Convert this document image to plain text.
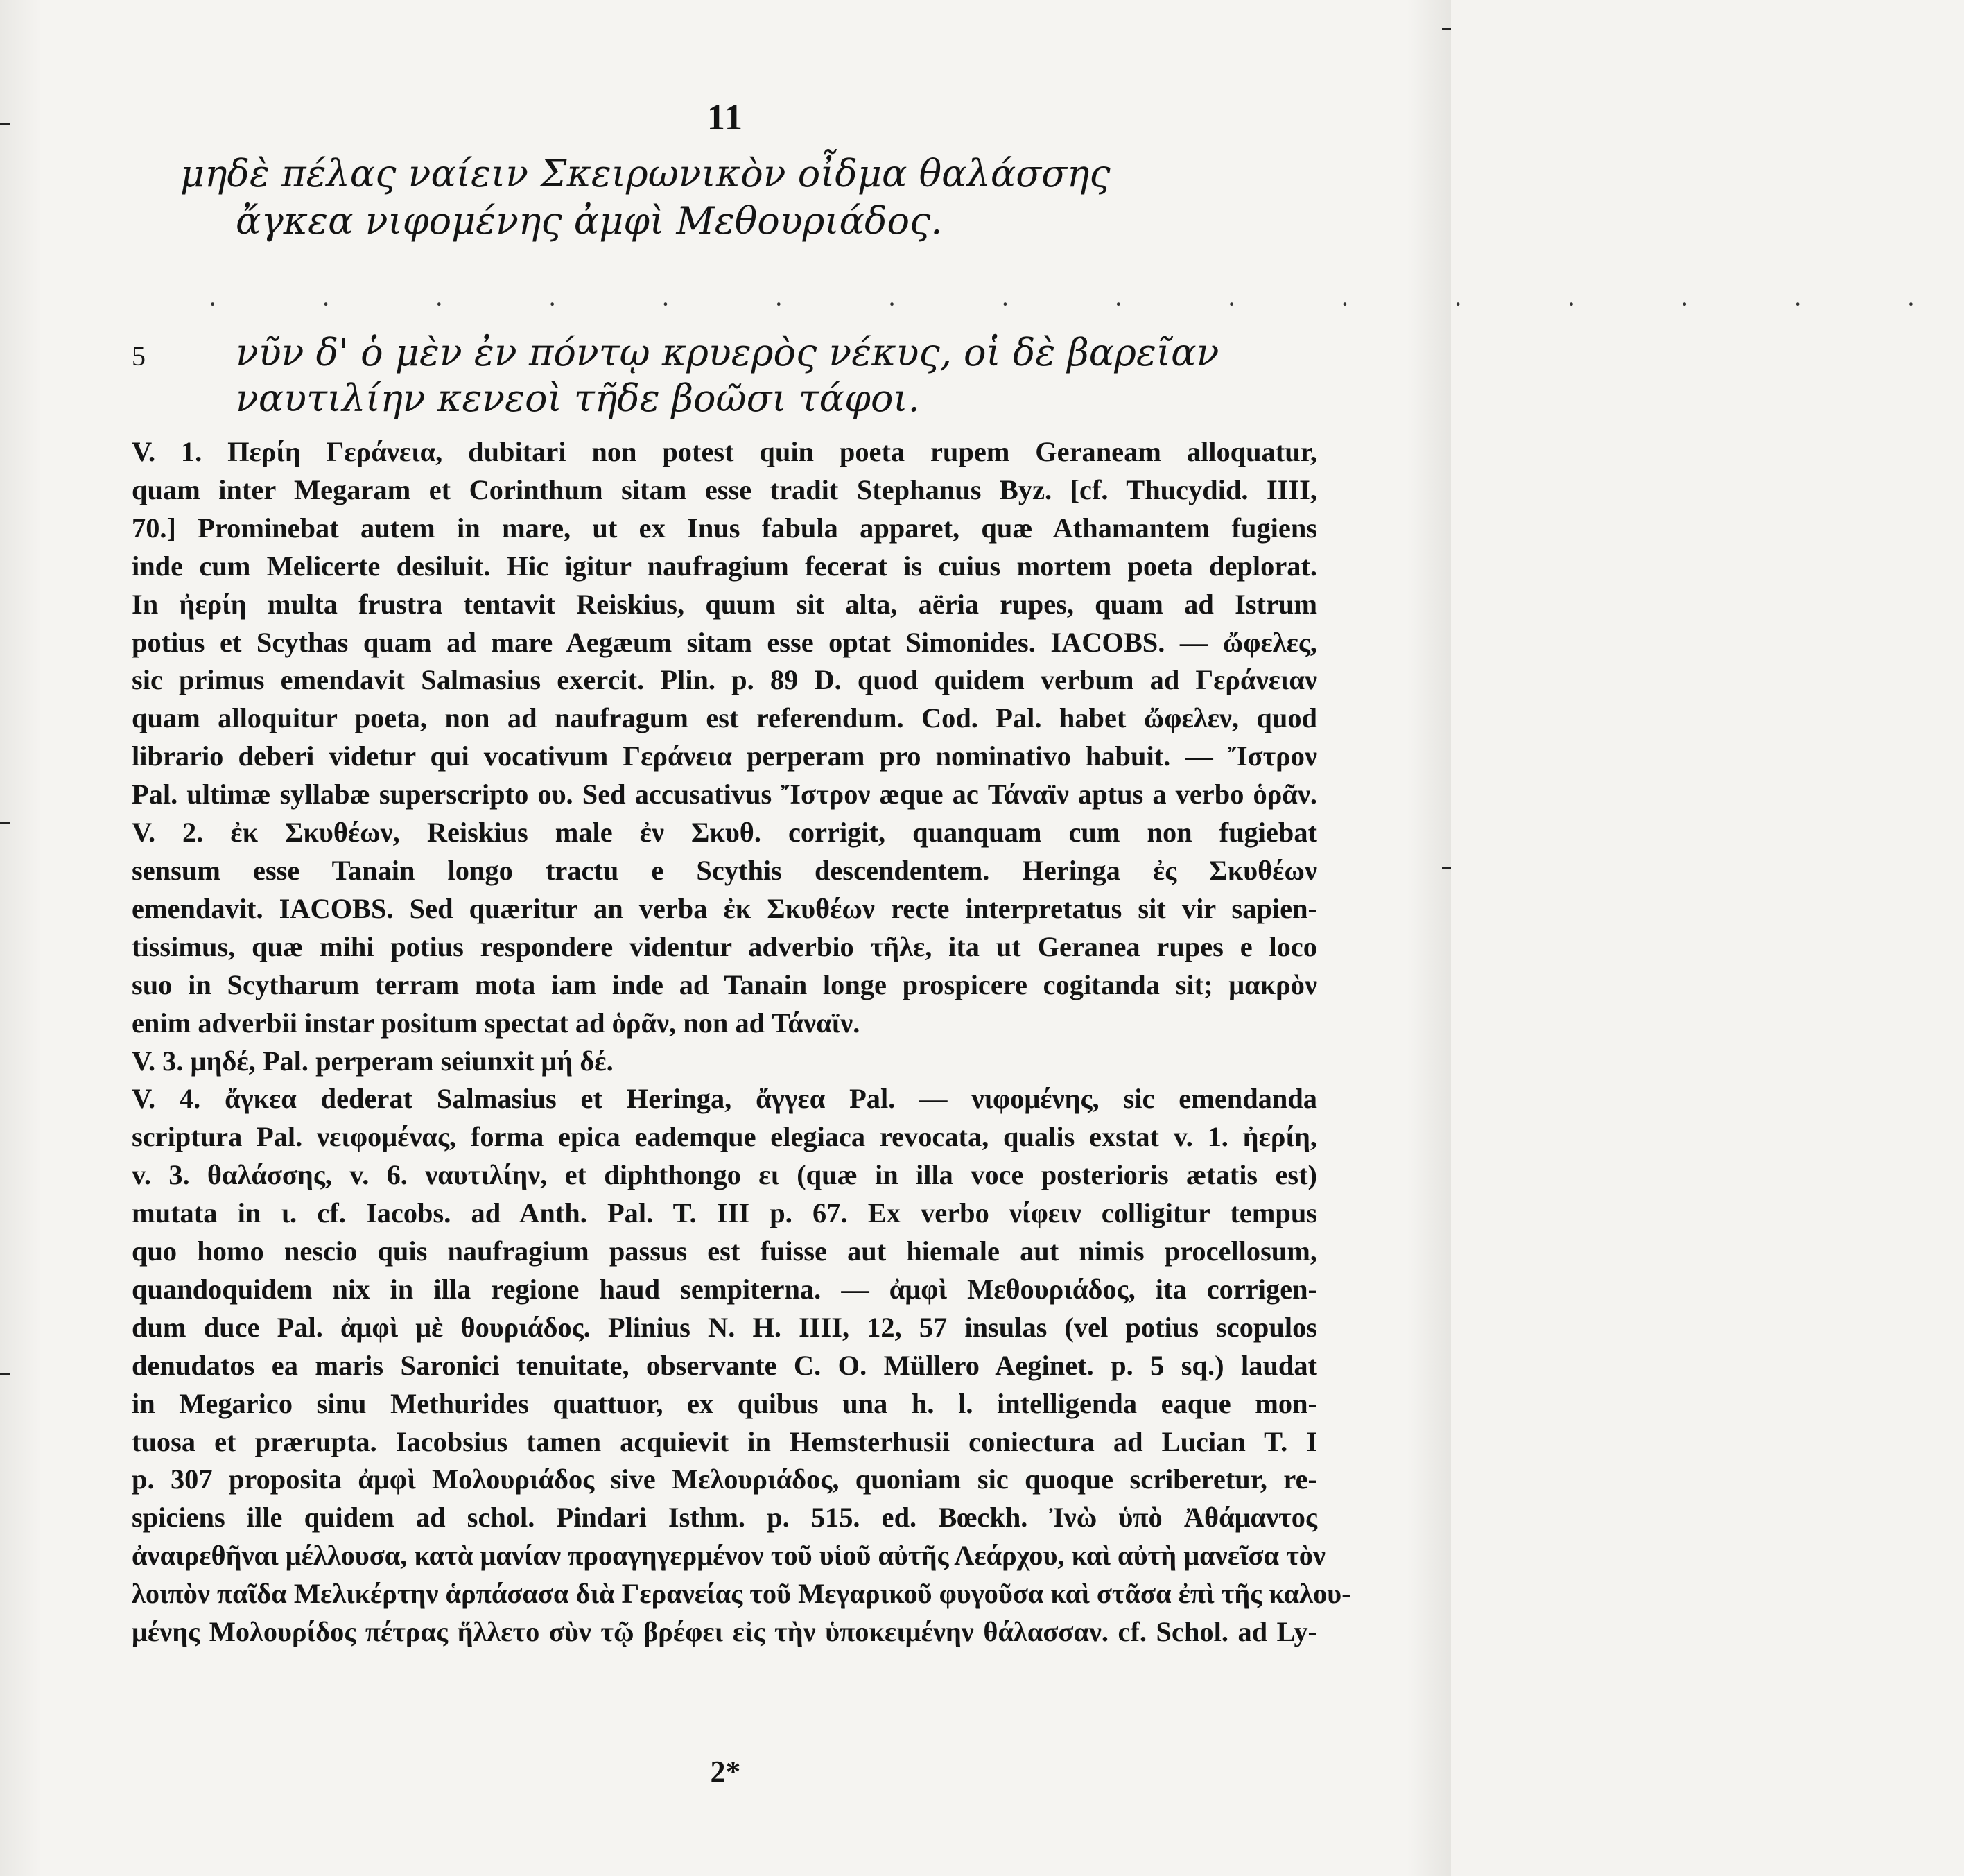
11
μηδὲ πέλας ναίειν Σκειρωνικὸν οἶδμα θαλάσσης
ἄγκεα νιφομένης ἀμφὶ Μεθουριάδος.
· · · · · · · · · · · · · · · ·
5 νῦν δ' ὁ μὲν ἐν πόντῳ κρυερὸς νέκυς, οἱ δὲ βαρεῖαν
ναυτιλίην κενεοὶ τῆδε βοῶσι τάφοι.

V. 1. Περίη Γεράνεια, dubitari non potest quin poeta rupem Geraneam alloquatur,

quam inter Megaram et Corinthum sitam esse tradit Stephanus Byz. [cf. Thucydid. IIII,

70.] Prominebat autem in mare, ut ex Inus fabula apparet, quæ Athamantem fugiens

inde cum Melicerte desiluit. Hic igitur naufragium fecerat is cuius mortem poeta deplorat.

In ἠερίη multa frustra tentavit Reiskius, quum sit alta, aëria rupes, quam ad Istrum

potius et Scythas quam ad mare Aegæum sitam esse optat Simonides. IACOBS. — ὤφελες,

sic primus emendavit Salmasius exercit. Plin. p. 89 D. quod quidem verbum ad Γεράνειαν

quam alloquitur poeta, non ad naufragum est referendum. Cod. Pal. habet ὤφελεν, quod

librario deberi videtur qui vocativum Γεράνεια perperam pro nominativo habuit. — Ἴστρον

Pal. ultimæ syllabæ superscripto ου. Sed accusativus Ἴστρον æque ac Τάναϊν aptus a verbo ὁρᾶν.

V. 2. ἐκ Σκυθέων, Reiskius male ἐν Σκυθ. corrigit, quanquam cum non fugiebat

sensum esse Tanain longo tractu e Scythis descendentem. Heringa ἐς Σκυθέων

emendavit. IACOBS. Sed quæritur an verba ἐκ Σκυθέων recte interpretatus sit vir sapien-

tissimus, quæ mihi potius respondere videntur adverbio τῆλε, ita ut Geranea rupes e loco

suo in Scytharum terram mota iam inde ad Tanain longe prospicere cogitanda sit; μακρὸν

enim adverbii instar positum spectat ad ὁρᾶν, non ad Τάναϊν.

V. 3. μηδέ, Pal. perperam seiunxit μή δέ.

V. 4. ἄγκεα dederat Salmasius et Heringa, ἄγγεα Pal. — νιφομένης, sic emendanda

scriptura Pal. νειφομένας, forma epica eademque elegiaca revocata, qualis exstat v. 1. ἠερίη,

v. 3. θαλάσσης, v. 6. ναυτιλίην, et diphthongo ει (quæ in illa voce posterioris ætatis est)

mutata in ι. cf. Iacobs. ad Anth. Pal. T. III p. 67. Ex verbo νίφειν colligitur tempus

quo homo nescio quis naufragium passus est fuisse aut hiemale aut nimis procellosum,

quandoquidem nix in illa regione haud sempiterna. — ἀμφὶ Μεθουριάδος, ita corrigen-

dum duce Pal. ἀμφὶ μὲ θουριάδος. Plinius N. H. IIII, 12, 57 insulas (vel potius scopulos

denudatos ea maris Saronici tenuitate, observante C. O. Müllero Aeginet. p. 5 sq.) laudat

in Megarico sinu Methurides quattuor, ex quibus una h. l. intelligenda eaque mon-

tuosa et prærupta. Iacobsius tamen acquievit in Hemsterhusii coniectura ad Lucian T. I

p. 307 proposita ἀμφὶ Μολουριάδος sive Μελουριάδος, quoniam sic quoque scriberetur, re-

spiciens ille quidem ad schol. Pindari Isthm. p. 515. ed. Bœckh. Ἰνὼ ὑπὸ Ἀθάμαντος

ἀναιρεθῆναι μέλλουσα, κατὰ μανίαν προαγηγερμένον τοῦ υἱοῦ αὐτῆς Λεάρχου, καὶ αὐτὴ μανεῖσα τὸν

λοιπὸν παῖδα Μελικέρτην ἁρπάσασα διὰ Γερανείας τοῦ Μεγαρικοῦ φυγοῦσα καὶ στᾶσα ἐπὶ τῆς καλου-

μένης Μολουρίδος πέτρας ἥλλετο σὺν τῷ βρέφει εἰς τὴν ὑποκειμένην θάλασσαν. cf. Schol. ad Ly-

2*
